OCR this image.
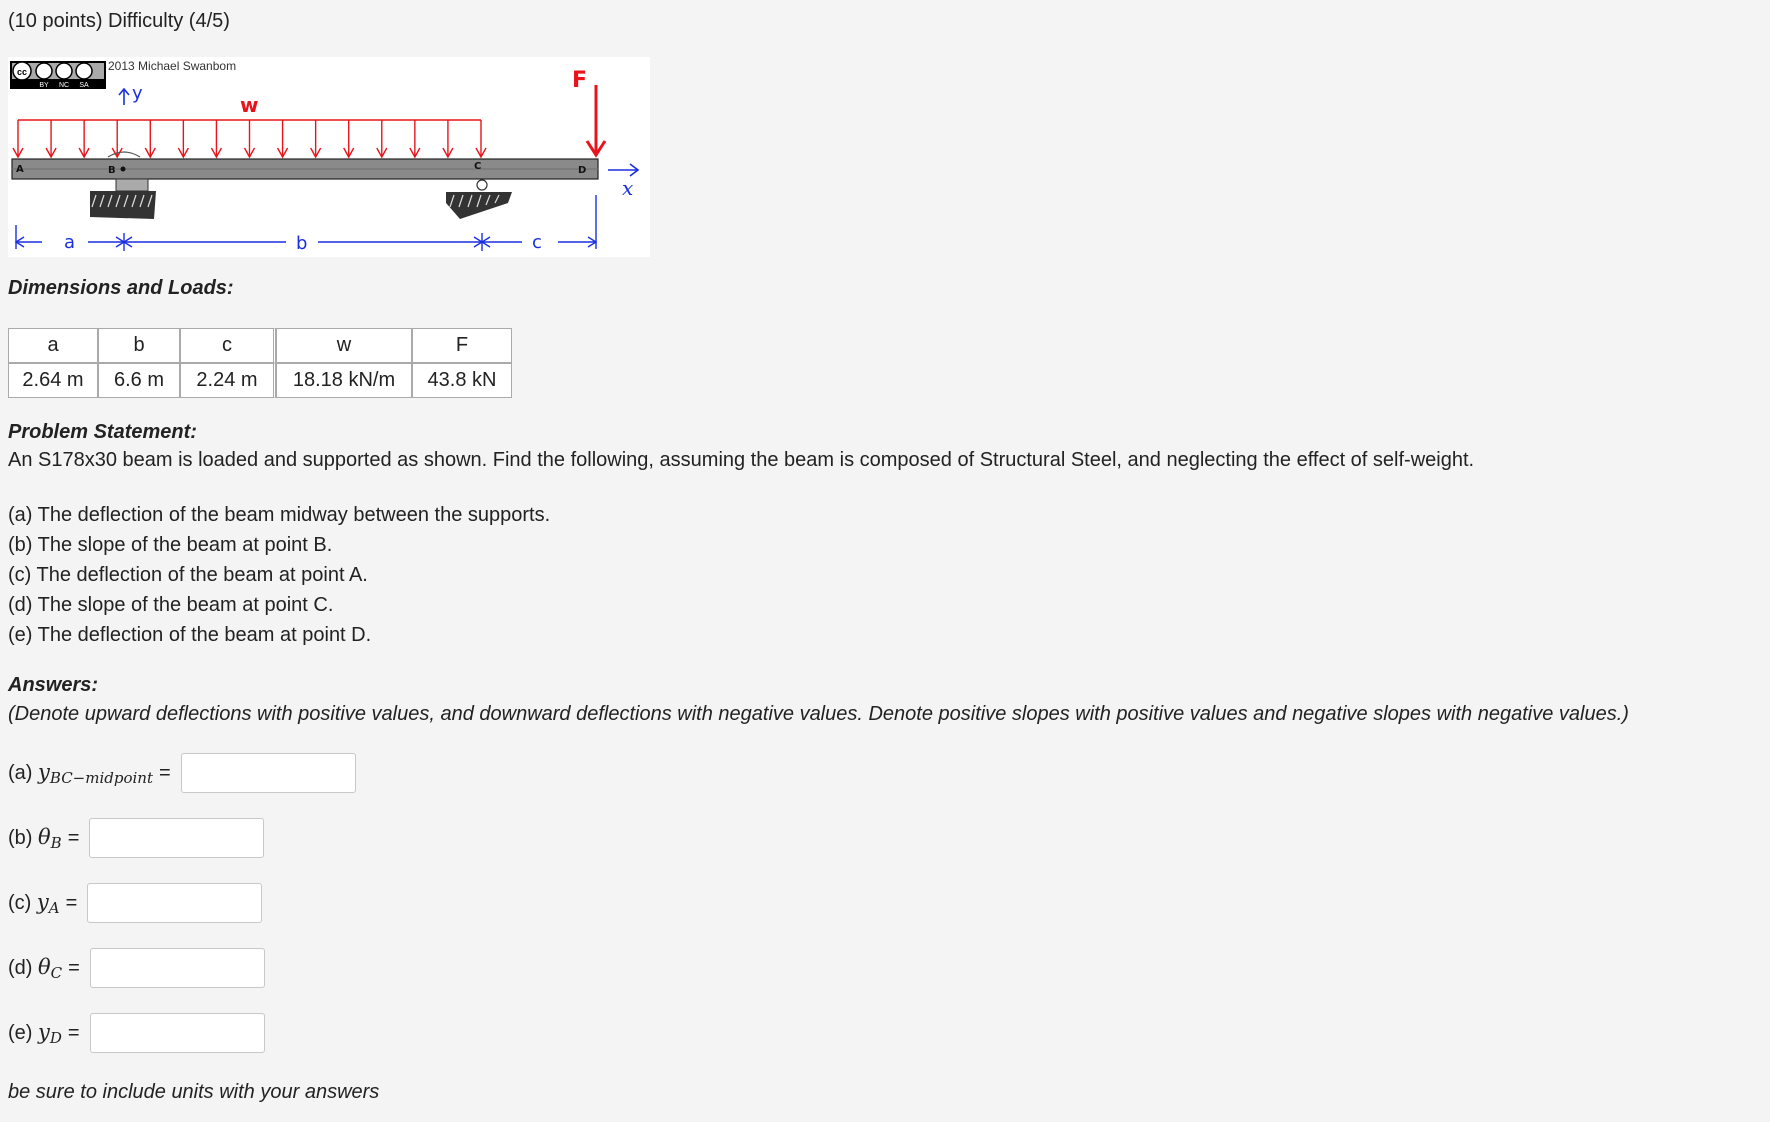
(10 points) Difficulty (4/5)
cc
BY NC SA
2013 Michael Swanbom
y	w
A	B	C	D
F
x
a	b	c
Dimensions and Loads:
a	b	c	w	F
2.64 m	6.6 m	2.24 m	18.18 kN/m	43.8 kN
Problem Statement:
An S178x30 beam is loaded and supported as shown. Find the following, assuming the beam is composed of Structural Steel, and neglecting the effect of self-weight.
(a) The deflection of the beam midway between the supports.
(b) The slope of the beam at point B.
(c) The deflection of the beam at point A.
(d) The slope of the beam at point C.
(e) The deflection of the beam at point D.
Answers:
(Denote upward deflections with positive values, and downward deflections with negative values. Denote positive slopes with positive values and negative slopes with negative values.)
(a)
$y_{BC-midpoint}$ =
(b)
$\theta_B$ =
(c)
$y_A$ =
(d)
$\theta_C$ =
(e)
$y_D$ =
be sure to include units with your answers
